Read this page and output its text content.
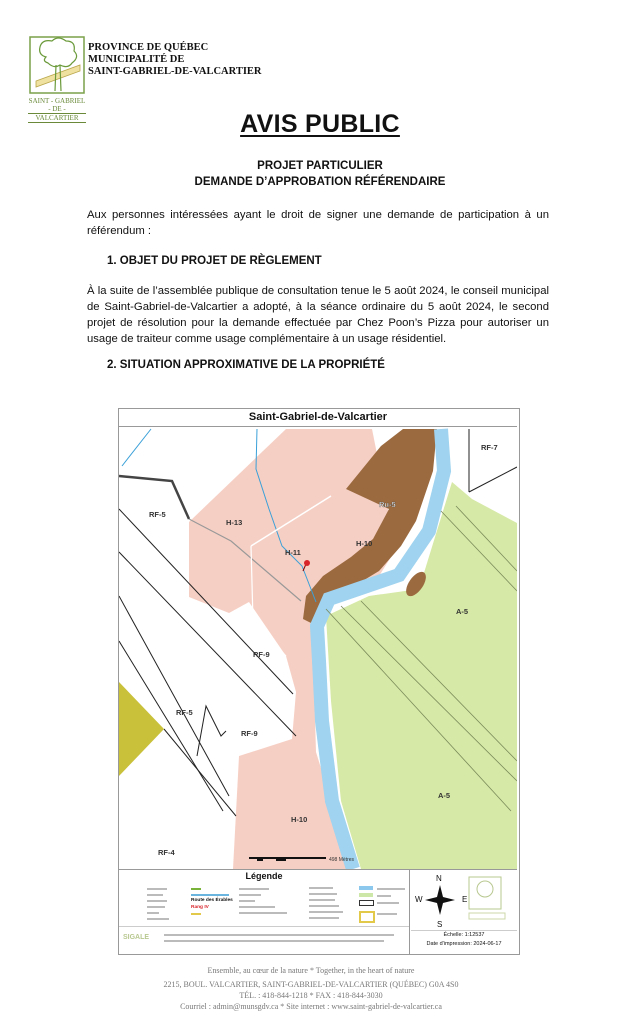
SAINT - GABRIEL
- DE -
VALCARTIER
PROVINCE DE QUÉBEC
MUNICIPALITÉ DE
SAINT-GABRIEL-DE-VALCARTIER
AVIS PUBLIC
PROJET PARTICULIER
DEMANDE D’APPROBATION RÉFÉRENDAIRE
Aux personnes intéressées ayant le droit de signer une demande de participation à un référendum :
1. OBJET DU PROJET DE RÈGLEMENT
À la suite de l’assemblée publique de consultation tenue le 5 août 2024, le conseil municipal de Saint-Gabriel-de-Valcartier a adopté, à la séance ordinaire du 5 août 2024, le second projet de résolution pour la demande effectuée par Chez Poon’s Pizza pour autoriser un usage de traiteur comme usage complémentaire à un usage résidentiel.
2. SITUATION APPROXIMATIVE DE LA PROPRIÉTÉ
Saint-Gabriel-de-Valcartier
RF-7
RF-5
H-13
Ru-5
H-11
H-10
A-5
RF-9
RF-5
RF-9
H-10
A-5
RF-4
498 Mètres
Légende
Route des Érables
Rang IV
SIGALE
N
S
E
W
Échelle: 1:12537
Date d'impression: 2024-06-17
Ensemble, au cœur de la nature * Together, in the heart of nature
2215, BOUL. VALCARTIER, SAINT-GABRIEL-DE-VALCARTIER (QUÉBEC) G0A 4S0
TÉL. : 418-844-1218 * FAX : 418-844-3030
Courriel : admin@munsgdv.ca * Site internet : www.saint-gabriel-de-valcartier.ca
